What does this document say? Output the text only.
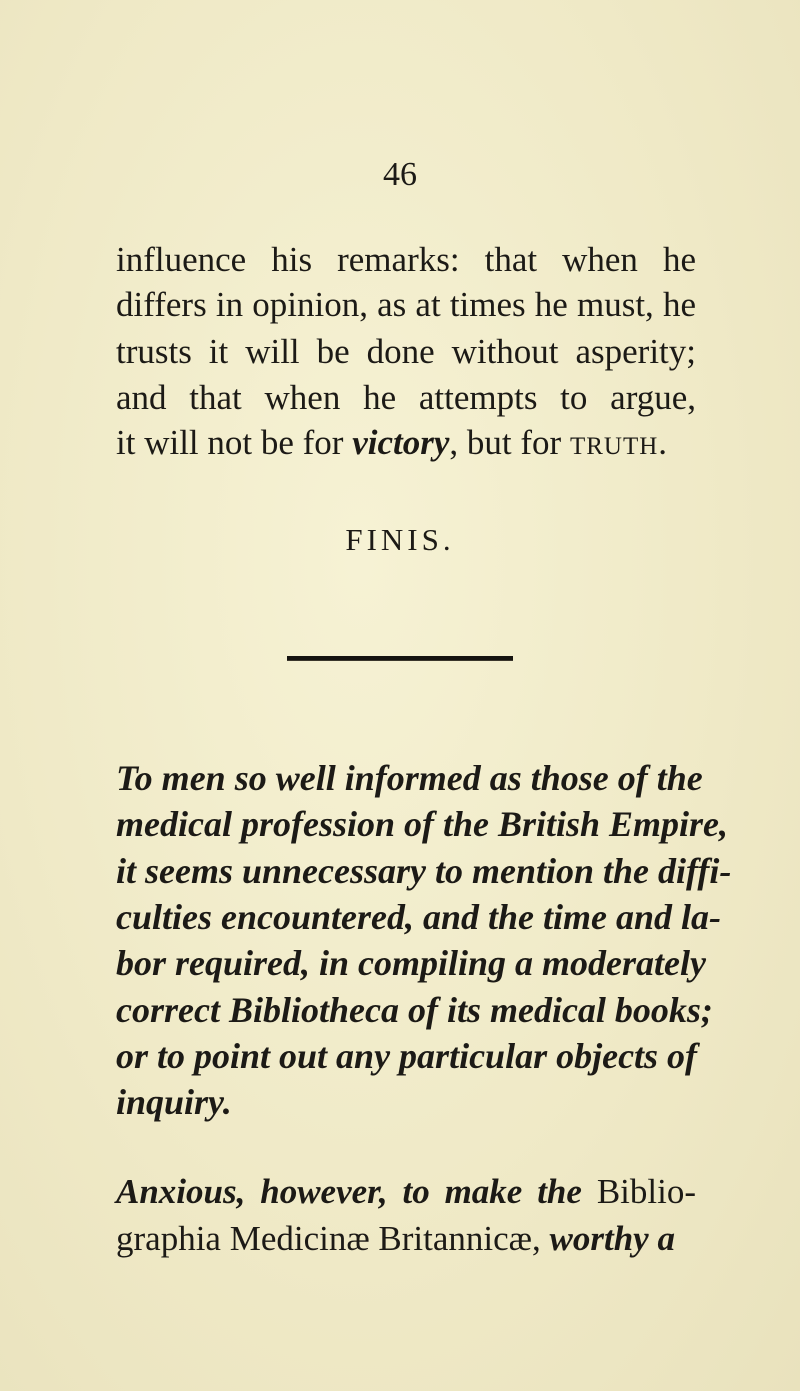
46
influence his remarks: that when he
differs in opinion, as at times he must, he
trusts it will be done without asperity;
and that when he attempts to argue,
it will not be for victory, but for truth.
FINIS.
To men so well informed as those of the
medical profession of the British Empire,
it seems unnecessary to mention the diffi-
culties encountered, and the time and la-
bor required, in compiling a moderately
correct Bibliotheca of its medical books;
or to point out any particular objects of
inquiry.
Anxious, however, to make the Biblio-
graphia Medicinæ Britannicæ, worthy a
